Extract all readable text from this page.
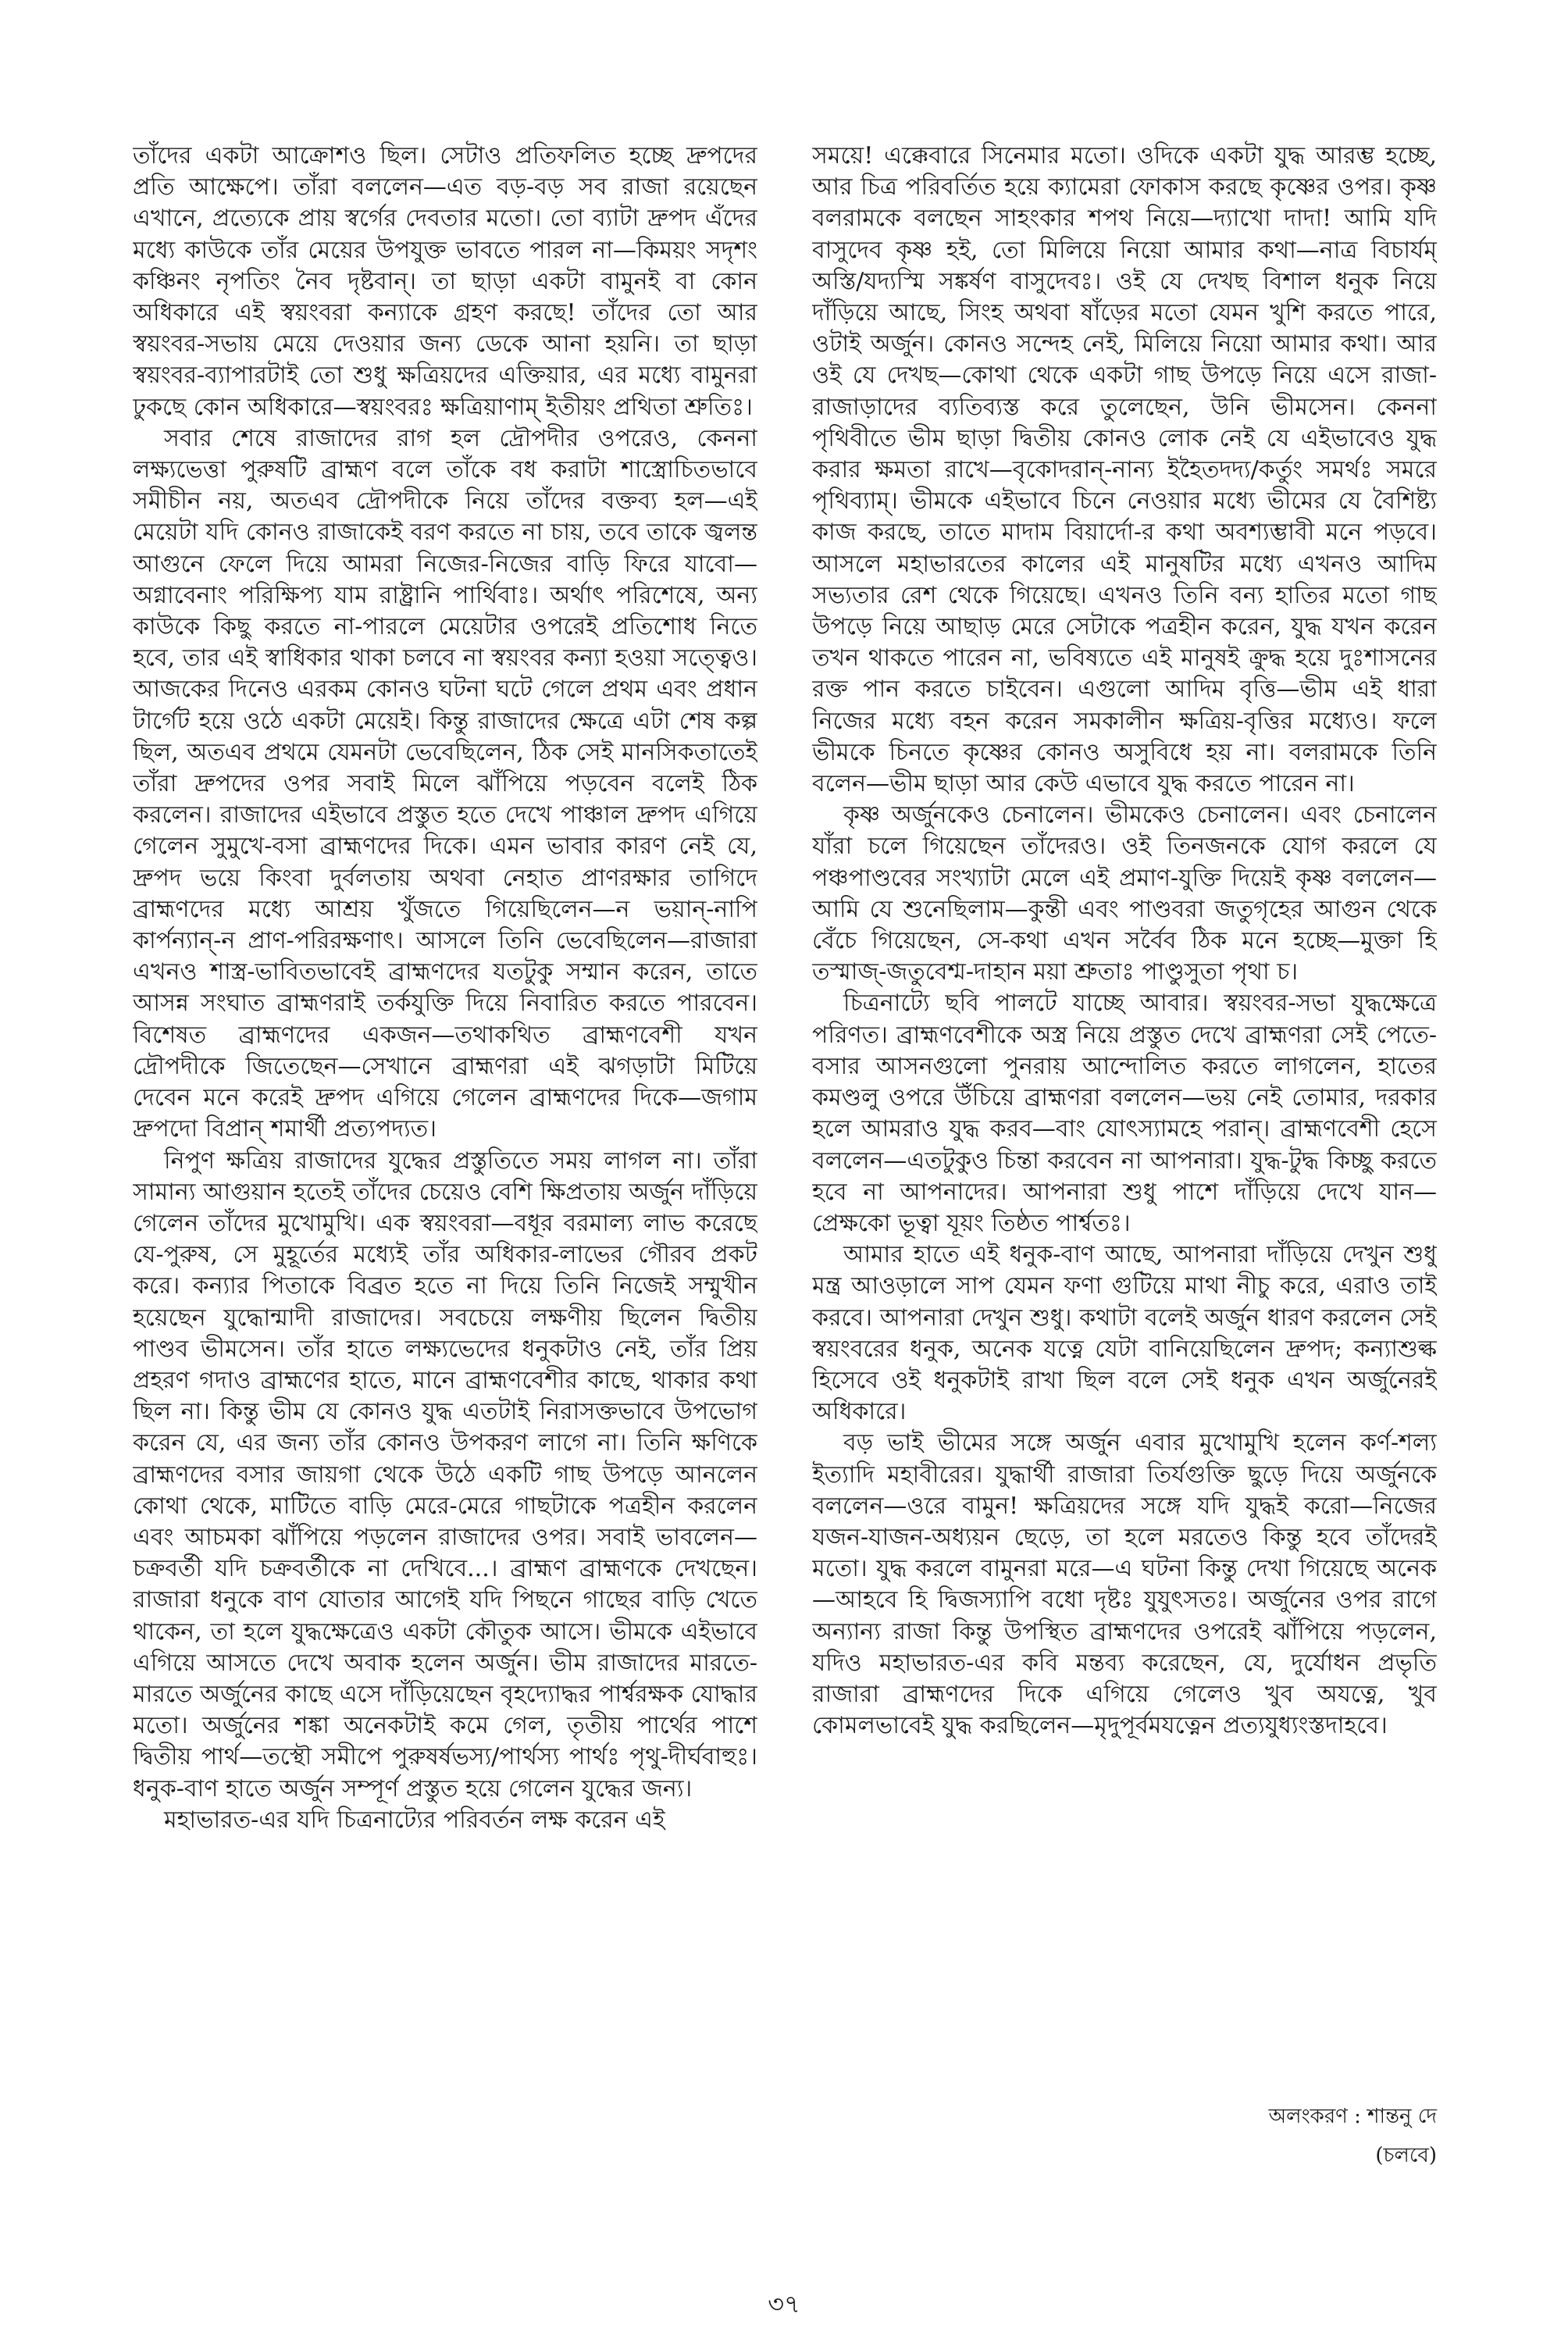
তাঁদের একটা আক্রোশও ছিল। সেটাও প্রতিফলিত হচ্ছে দ্রুপদের প্রতি আক্ষেপে। তাঁরা বললেন—এত বড়-বড় সব রাজা রয়েছেন এখানে, প্রত্যেকে প্রায় স্বর্গের দেবতার মতো। তো ব্যাটা দ্রুপদ এঁদের মধ্যে কাউকে তাঁর মেয়ের উপযুক্ত ভাবতে পারল না—কিময়ং সদৃশং কঞ্চিনং নৃপতিং নৈব দৃষ্টবান্। তা ছাড়া একটা বামুনই বা কোন অধিকারে এই স্বয়ংবরা কন্যাকে গ্রহণ করছে! তাঁদের তো আর স্বয়ংবর-সভায় মেয়ে দেওয়ার জন্য ডেকে আনা হয়নি। তা ছাড়া স্বয়ংবর-ব্যাপারটাই তো শুধু ক্ষত্রিয়দের এক্তিয়ার, এর মধ্যে বামুনরা ঢুকছে কোন অধিকারে—স্বয়ংবরঃ ক্ষত্রিয়াণাম্ ইতীয়ং প্রথিতা শ্রুতিঃ।

সবার শেষে রাজাদের রাগ হল দ্রৌপদীর ওপরেও, কেননা লক্ষ্যভেত্তা পুরুষটি ব্রাহ্মণ বলে তাঁকে বধ করাটা শাস্ত্রোচিতভাবে সমীচীন নয়, অতএব দ্রৌপদীকে নিয়ে তাঁদের বক্তব্য হল—এই মেয়েটা যদি কোনও রাজাকেই বরণ করতে না চায়, তবে তাকে জ্বলন্ত আগুনে ফেলে দিয়ে আমরা নিজের-নিজের বাড়ি ফিরে যাবো—অগ্নাবেনাং পরিক্ষিপ্য যাম রাষ্ট্রানি পার্থিবাঃ। অর্থাৎ পরিশেষে, অন্য কাউকে কিছু করতে না-পারলে মেয়েটার ওপরেই প্রতিশোধ নিতে হবে, তার এই স্বাধিকার থাকা চলবে না স্বয়ংবর কন্যা হওয়া সত্ত্বেও। আজকের দিনেও এরকম কোনও ঘটনা ঘটে গেলে প্রথম এবং প্রধান টার্গেট হয়ে ওঠে একটা মেয়েই। কিন্তু রাজাদের ক্ষেত্রে এটা শেষ কল্প ছিল, অতএব প্রথমে যেমনটা ভেবেছিলেন, ঠিক সেই মানসিকতাতেই তাঁরা দ্রুপদের ওপর সবাই মিলে ঝাঁপিয়ে পড়বেন বলেই ঠিক করলেন। রাজাদের এইভাবে প্রস্তুত হতে দেখে পাঞ্চাল দ্রুপদ এগিয়ে গেলেন সুমুখে-বসা ব্রাহ্মণদের দিকে। এমন ভাবার কারণ নেই যে, দ্রুপদ ভয়ে কিংবা দুর্বলতায় অথবা নেহাত প্রাণরক্ষার তাগিদে ব্রাহ্মণদের মধ্যে আশ্রয় খুঁজতে গিয়েছিলেন—ন ভয়ান্-নাপি কার্পন্যান্-ন প্রাণ-পরিরক্ষণাৎ। আসলে তিনি ভেবেছিলেন—রাজারা এখনও শাস্ত্র-ভাবিতভাবেই ব্রাহ্মণদের যতটুকু সম্মান করেন, তাতে আসন্ন সংঘাত ব্রাহ্মণরাই তর্কযুক্তি দিয়ে নিবারিত করতে পারবেন। বিশেষত ব্রাহ্মণদের একজন—তথাকথিত ব্রাহ্মণবেশী যখন দ্রৌপদীকে জিতেছেন—সেখানে ব্রাহ্মণরা এই ঝগড়াটা মিটিয়ে দেবেন মনে করেই দ্রুপদ এগিয়ে গেলেন ব্রাহ্মণদের দিকে—জগাম দ্রুপদো বিপ্রান্ শমার্থী প্রত্যপদ্যত।

নিপুণ ক্ষত্রিয় রাজাদের যুদ্ধের প্রস্তুতিতে সময় লাগল না। তাঁরা সামান্য আগুয়ান হতেই তাঁদের চেয়েও বেশি ক্ষিপ্রতায় অর্জুন দাঁড়িয়ে গেলেন তাঁদের মুখোমুখি। এক স্বয়ংবরা—বধূর বরমাল্য লাভ করেছে যে-পুরুষ, সে মুহূর্তের মধ্যেই তাঁর অধিকার-লাভের গৌরব প্রকট করে। কন্যার পিতাকে বিব্রত হতে না দিয়ে তিনি নিজেই সম্মুখীন হয়েছেন যুদ্ধোন্মাদী রাজাদের। সবচেয়ে লক্ষণীয় ছিলেন দ্বিতীয় পাণ্ডব ভীমসেন। তাঁর হাতে লক্ষ্যভেদের ধনুকটাও নেই, তাঁর প্রিয় প্রহরণ গদাও ব্রাহ্মণের হাতে, মানে ব্রাহ্মণবেশীর কাছে, থাকার কথা ছিল না। কিন্তু ভীম যে কোনও যুদ্ধ এতটাই নিরাসক্তভাবে উপভোগ করেন যে, এর জন্য তাঁর কোনও উপকরণ লাগে না। তিনি ক্ষণিকে ব্রাহ্মণদের বসার জায়গা থেকে উঠে একটি গাছ উপড়ে আনলেন কোথা থেকে, মাটিতে বাড়ি মেরে-মেরে গাছটাকে পত্রহীন করলেন এবং আচমকা ঝাঁপিয়ে পড়লেন রাজাদের ওপর। সবাই ভাবলেন—চক্রবর্তী যদি চক্রবর্তীকে না দেখিবে...। ব্রাহ্মণ ব্রাহ্মণকে দেখছেন। রাজারা ধনুকে বাণ যোতার আগেই যদি পিছনে গাছের বাড়ি খেতে থাকেন, তা হলে যুদ্ধক্ষেত্রেও একটা কৌতুক আসে। ভীমকে এইভাবে এগিয়ে আসতে দেখে অবাক হলেন অর্জুন। ভীম রাজাদের মারতে-মারতে অর্জুনের কাছে এসে দাঁড়িয়েছেন বৃহদ্যোদ্ধর পার্শ্বরক্ষক যোদ্ধার মতো। অর্জুনের শঙ্কা অনেকটাই কমে গেল, তৃতীয় পার্থের পাশে দ্বিতীয় পার্থ—তস্থৌ সমীপে পুরুষর্ষভস্য/পার্থস্য পার্থঃ পৃথু-দীর্ঘবাহুঃ। ধনুক-বাণ হাতে অর্জুন সম্পূর্ণ প্রস্তুত হয়ে গেলেন যুদ্ধের জন্য।

মহাভারত-এর যদি চিত্রনাট্যের পরিবর্তন লক্ষ করেন এই

সময়ে! এক্কেবারে সিনেমার মতো। ওদিকে একটা যুদ্ধ আরম্ভ হচ্ছে, আর চিত্র পরিবর্তিত হয়ে ক্যামেরা ফোকাস করছে কৃষ্ণের ওপর। কৃষ্ণ বলরামকে বলছেন সাহংকার শপথ নিয়ে—দ্যাখো দাদা! আমি যদি বাসুদেব কৃষ্ণ হই, তো মিলিয়ে নিয়ো আমার কথা—নাত্র বিচার্যম্ অস্তি/যদ্যস্মি সঙ্কর্ষণ বাসুদেবঃ। ওই যে দেখছ বিশাল ধনুক নিয়ে দাঁড়িয়ে আছে, সিংহ অথবা ষাঁড়ের মতো যেমন খুশি করতে পারে, ওটাই অর্জুন। কোনও সন্দেহ নেই, মিলিয়ে নিয়ো আমার কথা। আর ওই যে দেখছ—কোথা থেকে একটা গাছ উপড়ে নিয়ে এসে রাজা-রাজাড়াদের ব্যতিব্যস্ত করে তুলেছেন, উনি ভীমসেন। কেননা পৃথিবীতে ভীম ছাড়া দ্বিতীয় কোনও লোক নেই যে এইভাবেও যুদ্ধ করার ক্ষমতা রাখে—বৃকোদরান্-নান্য ইহৈতদদ্য/কর্তুং সমর্থঃ সমরে পৃথিব্যাম্। ভীমকে এইভাবে চিনে নেওয়ার মধ্যে ভীমের যে বৈশিষ্ট্য কাজ করছে, তাতে মাদাম বিয়ার্দো-র কথা অবশ্যম্ভাবী মনে পড়বে। আসলে মহাভারতের কালের এই মানুষটির মধ্যে এখনও আদিম সভ্যতার রেশ থেকে গিয়েছে। এখনও তিনি বন্য হাতির মতো গাছ উপড়ে নিয়ে আছাড় মেরে সেটাকে পত্রহীন করেন, যুদ্ধ যখন করেন তখন থাকতে পারেন না, ভবিষ্যতে এই মানুষই ক্রুদ্ধ হয়ে দুঃশাসনের রক্ত পান করতে চাইবেন। এগুলো আদিম বৃত্তি—ভীম এই ধারা নিজের মধ্যে বহন করেন সমকালীন ক্ষত্রিয়-বৃত্তির মধ্যেও। ফলে ভীমকে চিনতে কৃষ্ণের কোনও অসুবিধে হয় না। বলরামকে তিনি বলেন—ভীম ছাড়া আর কেউ এভাবে যুদ্ধ করতে পারেন না।

কৃষ্ণ অর্জুনকেও চেনালেন। ভীমকেও চেনালেন। এবং চেনালেন যাঁরা চলে গিয়েছেন তাঁদেরও। ওই তিনজনকে যোগ করলে যে পঞ্চপাণ্ডবের সংখ্যাটা মেলে এই প্রমাণ-যুক্তি দিয়েই কৃষ্ণ বললেন—আমি যে শুনেছিলাম—কুন্তী এবং পাণ্ডবরা জতুগৃহের আগুন থেকে বেঁচে গিয়েছেন, সে-কথা এখন সর্বৈব ঠিক মনে হচ্ছে—মুক্তা হি তস্মাজ্-জতুবেশ্ম-দাহান ময়া শ্রুতাঃ পাণ্ডুসুতা পৃথা চ।

চিত্রনাট্যে ছবি পালটে যাচ্ছে আবার। স্বয়ংবর-সভা যুদ্ধক্ষেত্রে পরিণত। ব্রাহ্মণবেশীকে অস্ত্র নিয়ে প্রস্তুত দেখে ব্রাহ্মণরা সেই পেতে-বসার আসনগুলো পুনরায় আন্দোলিত করতে লাগলেন, হাতের কমণ্ডলু ওপরে উঁচিয়ে ব্রাহ্মণরা বললেন—ভয় নেই তোমার, দরকার হলে আমরাও যুদ্ধ করব—বাং যোৎস্যামহে পরান্। ব্রাহ্মণবেশী হেসে বললেন—এতটুকুও চিন্তা করবেন না আপনারা। যুদ্ধ-টুদ্ধ কিচ্ছু করতে হবে না আপনাদের। আপনারা শুধু পাশে দাঁড়িয়ে দেখে যান—প্রেক্ষকো ভূত্বা যূয়ং তিষ্ঠত পার্শ্বতঃ।

আমার হাতে এই ধনুক-বাণ আছে, আপনারা দাঁড়িয়ে দেখুন শুধু মন্ত্র আওড়ালে সাপ যেমন ফণা গুটিয়ে মাথা নীচু করে, এরাও তাই করবে। আপনারা দেখুন শুধু। কথাটা বলেই অর্জুন ধারণ করলেন সেই স্বয়ংবরের ধনুক, অনেক যত্নে যেটা বানিয়েছিলেন দ্রুপদ; কন্যাশুল্ক হিসেবে ওই ধনুকটাই রাখা ছিল বলে সেই ধনুক এখন অর্জুনেরই অধিকারে।

বড় ভাই ভীমের সঙ্গে অর্জুন এবার মুখোমুখি হলেন কর্ণ-শল্য ইত্যাদি মহাবীরের। যুদ্ধার্থী রাজারা তির্যগুক্তি ছুড়ে দিয়ে অর্জুনকে বললেন—ওরে বামুন! ক্ষত্রিয়দের সঙ্গে যদি যুদ্ধই করো—নিজের যজন-যাজন-অধ্যয়ন ছেড়ে, তা হলে মরতেও কিন্তু হবে তাঁদেরই মতো। যুদ্ধ করলে বামুনরা মরে—এ ঘটনা কিন্তু দেখা গিয়েছে অনেক—আহবে হি দ্বিজস্যাপি বধো দৃষ্টঃ যুযুৎসতঃ। অর্জুনের ওপর রাগে অন্যান্য রাজা কিন্তু উপস্থিত ব্রাহ্মণদের ওপরেই ঝাঁপিয়ে পড়লেন, যদিও মহাভারত-এর কবি মন্তব্য করেছেন, যে, দুর্যোধন প্রভৃতি রাজারা ব্রাহ্মণদের দিকে এগিয়ে গেলেও খুব অযত্নে, খুব কোমলভাবেই যুদ্ধ করছিলেন—মৃদুপূর্বমযত্নেন প্রত্যযুধ্যংস্তদাহবে।

অলংকরণ : শান্তনু দে
(চলবে)
৩৭
